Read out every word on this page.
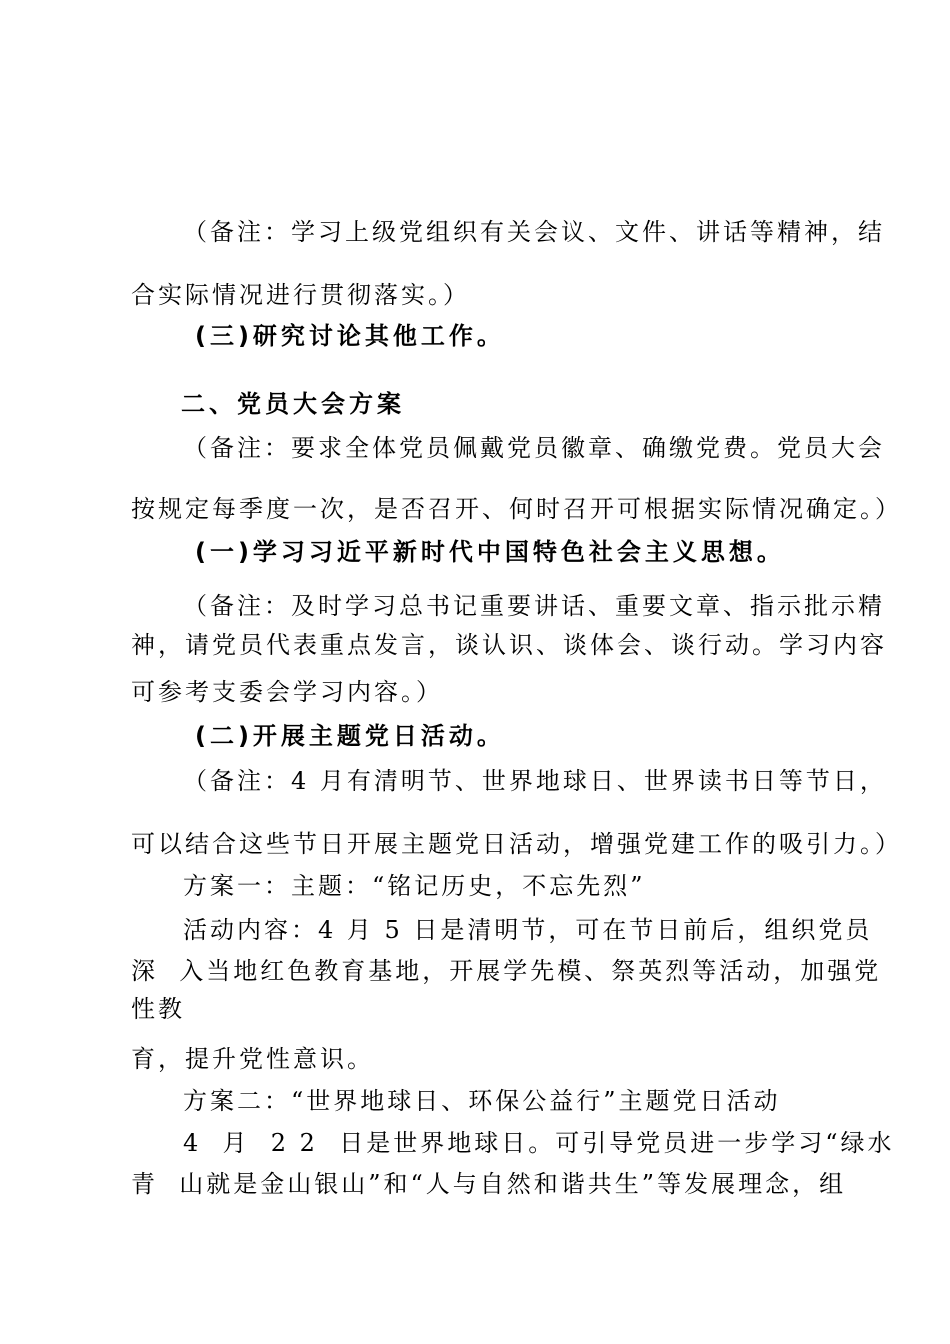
（备注：学习上级党组织有关会议、文件、讲话等精神，结
合实际情况进行贯彻落实。）
(三)研究讨论其他工作。
二、党员大会方案
（备注：要求全体党员佩戴党员徽章、确缴党费。党员大会
按规定每季度一次，是否召开、何时召开可根据实际情况确定。）
(一)学习习近平新时代中国特色社会主义思想。
（备注：及时学习总书记重要讲话、重要文章、指示批示精
神，请党员代表重点发言，谈认识、谈体会、谈行动。学习内容
可参考支委会学习内容。）
(二)开展主题党日活动。
（备注：4 月有清明节、世界地球日、世界读书日等节日，
可以结合这些节日开展主题党日活动，增强党建工作的吸引力。）
方案一：主题：“铭记历史，不忘先烈”
活动内容：4 月 5 日是清明节，可在节日前后，组织党员
深  入当地红色教育基地，开展学先模、祭英烈等活动，加强党
性教
育，提升党性意识。
方案二：“世界地球日、环保公益行”主题党日活动
4  月  2 2  日是世界地球日。可引导党员进一步学习“绿水
青  山就是金山银山”和“人与自然和谐共生”等发展理念，组
